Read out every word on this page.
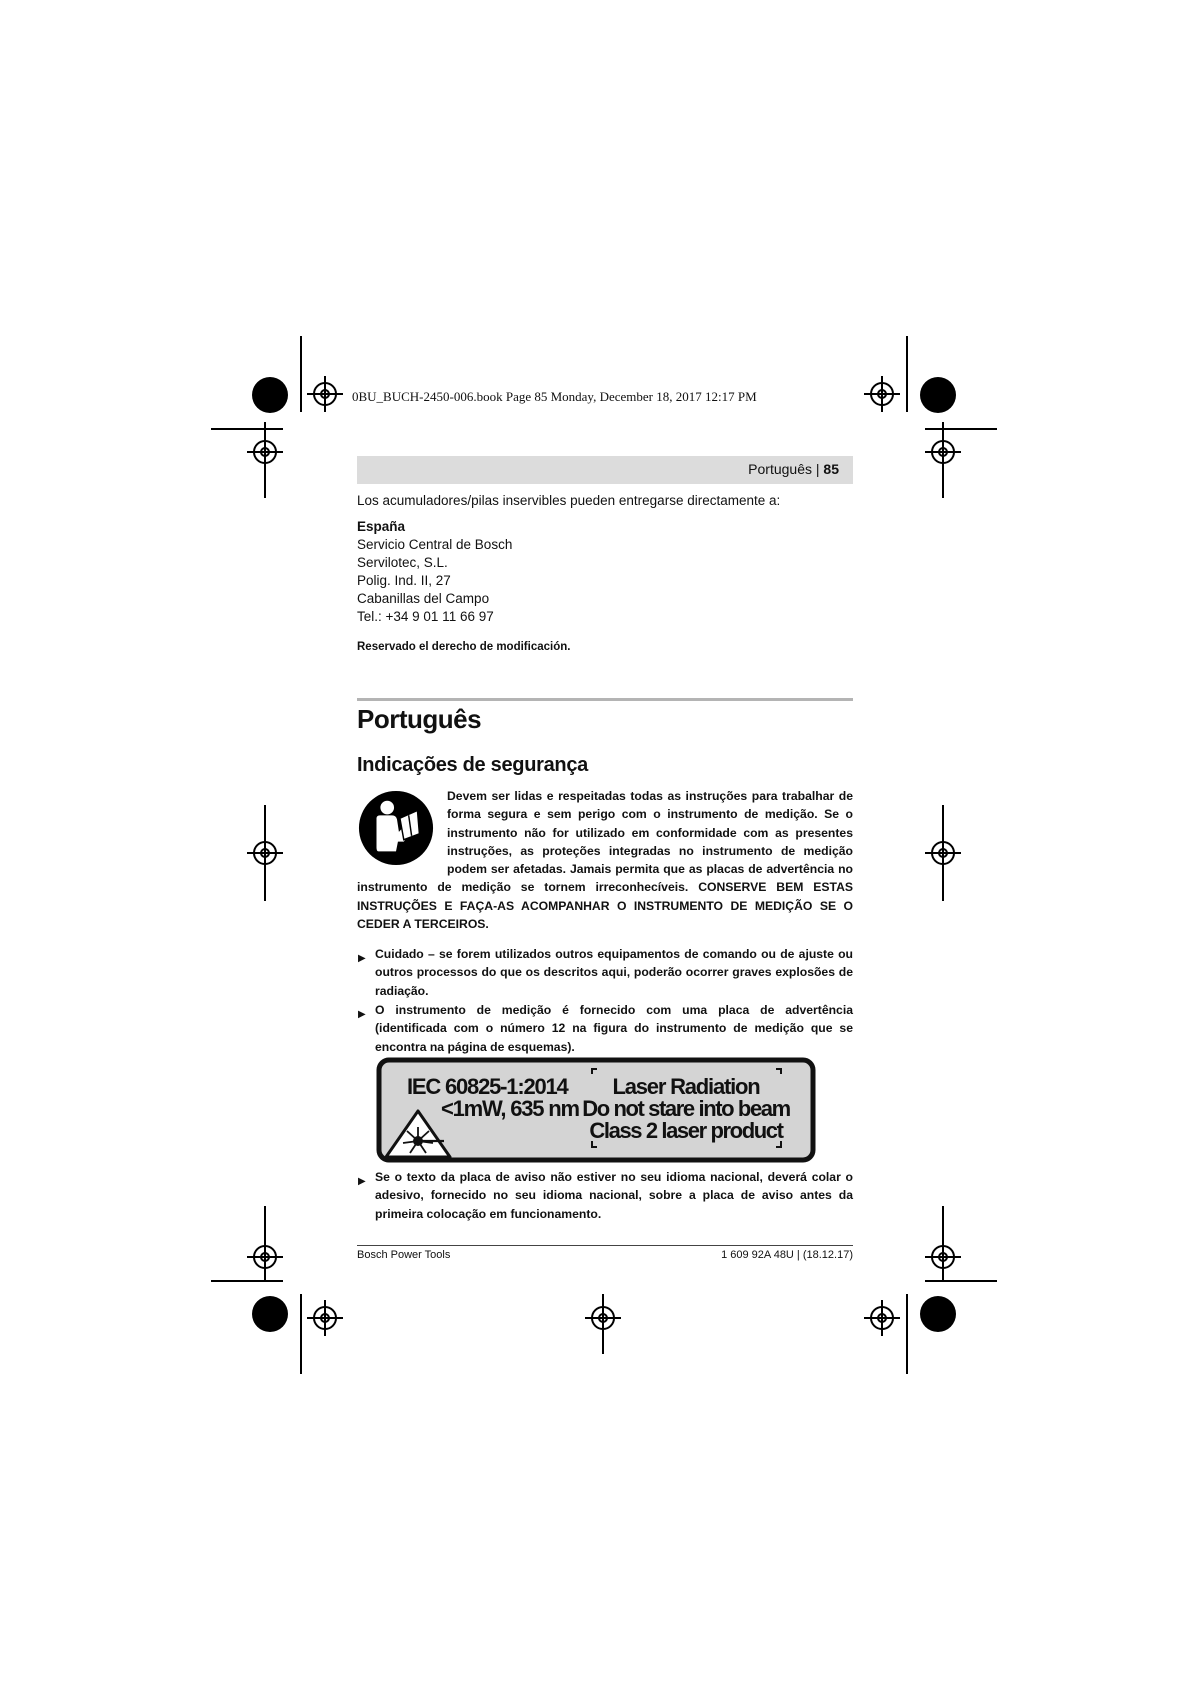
0BU_BUCH-2450-006.book Page 85 Monday, December 18, 2017 12:17 PM
Português | 85
Los acumuladores/pilas inservibles pueden entregarse directamente a:
España
Servicio Central de Bosch
Servilotec, S.L.
Polig. Ind. II, 27
Cabanillas del Campo
Tel.: +34 9 01 11 66 97
Reservado el derecho de modificación.
Português
Indicações de segurança
Devem ser lidas e respeitadas todas as instruções para trabalhar de forma segura e sem perigo com o instrumento de medição. Se o instrumento não for utilizado em conformidade com as presentes instruções, as proteções integradas no instrumento de medição podem ser afetadas. Jamais permita que as placas de advertência no instrumento de medição se tornem irreconhecíveis. CONSERVE BEM ESTAS INSTRUÇÕES E FAÇA-AS ACOMPANHAR O INSTRUMENTO DE MEDIÇÃO SE O CEDER A TERCEIROS.
▶ Cuidado – se forem utilizados outros equipamentos de comando ou de ajuste ou outros processos do que os descritos aqui, poderão ocorrer graves explosões de radiação.
▶ O instrumento de medição é fornecido com uma placa de advertência (identificada com o número 12 na figura do instrumento de medição que se encontra na página de esquemas).
IEC 60825-1:2014
<1mW, 635 nm
Laser Radiation
Do not stare into beam
Class 2 laser product
▶ Se o texto da placa de aviso não estiver no seu idioma nacional, deverá colar o adesivo, fornecido no seu idioma nacional, sobre a placa de aviso antes da primeira colocação em funcionamento.
Bosch Power Tools	1 609 92A 48U | (18.12.17)
